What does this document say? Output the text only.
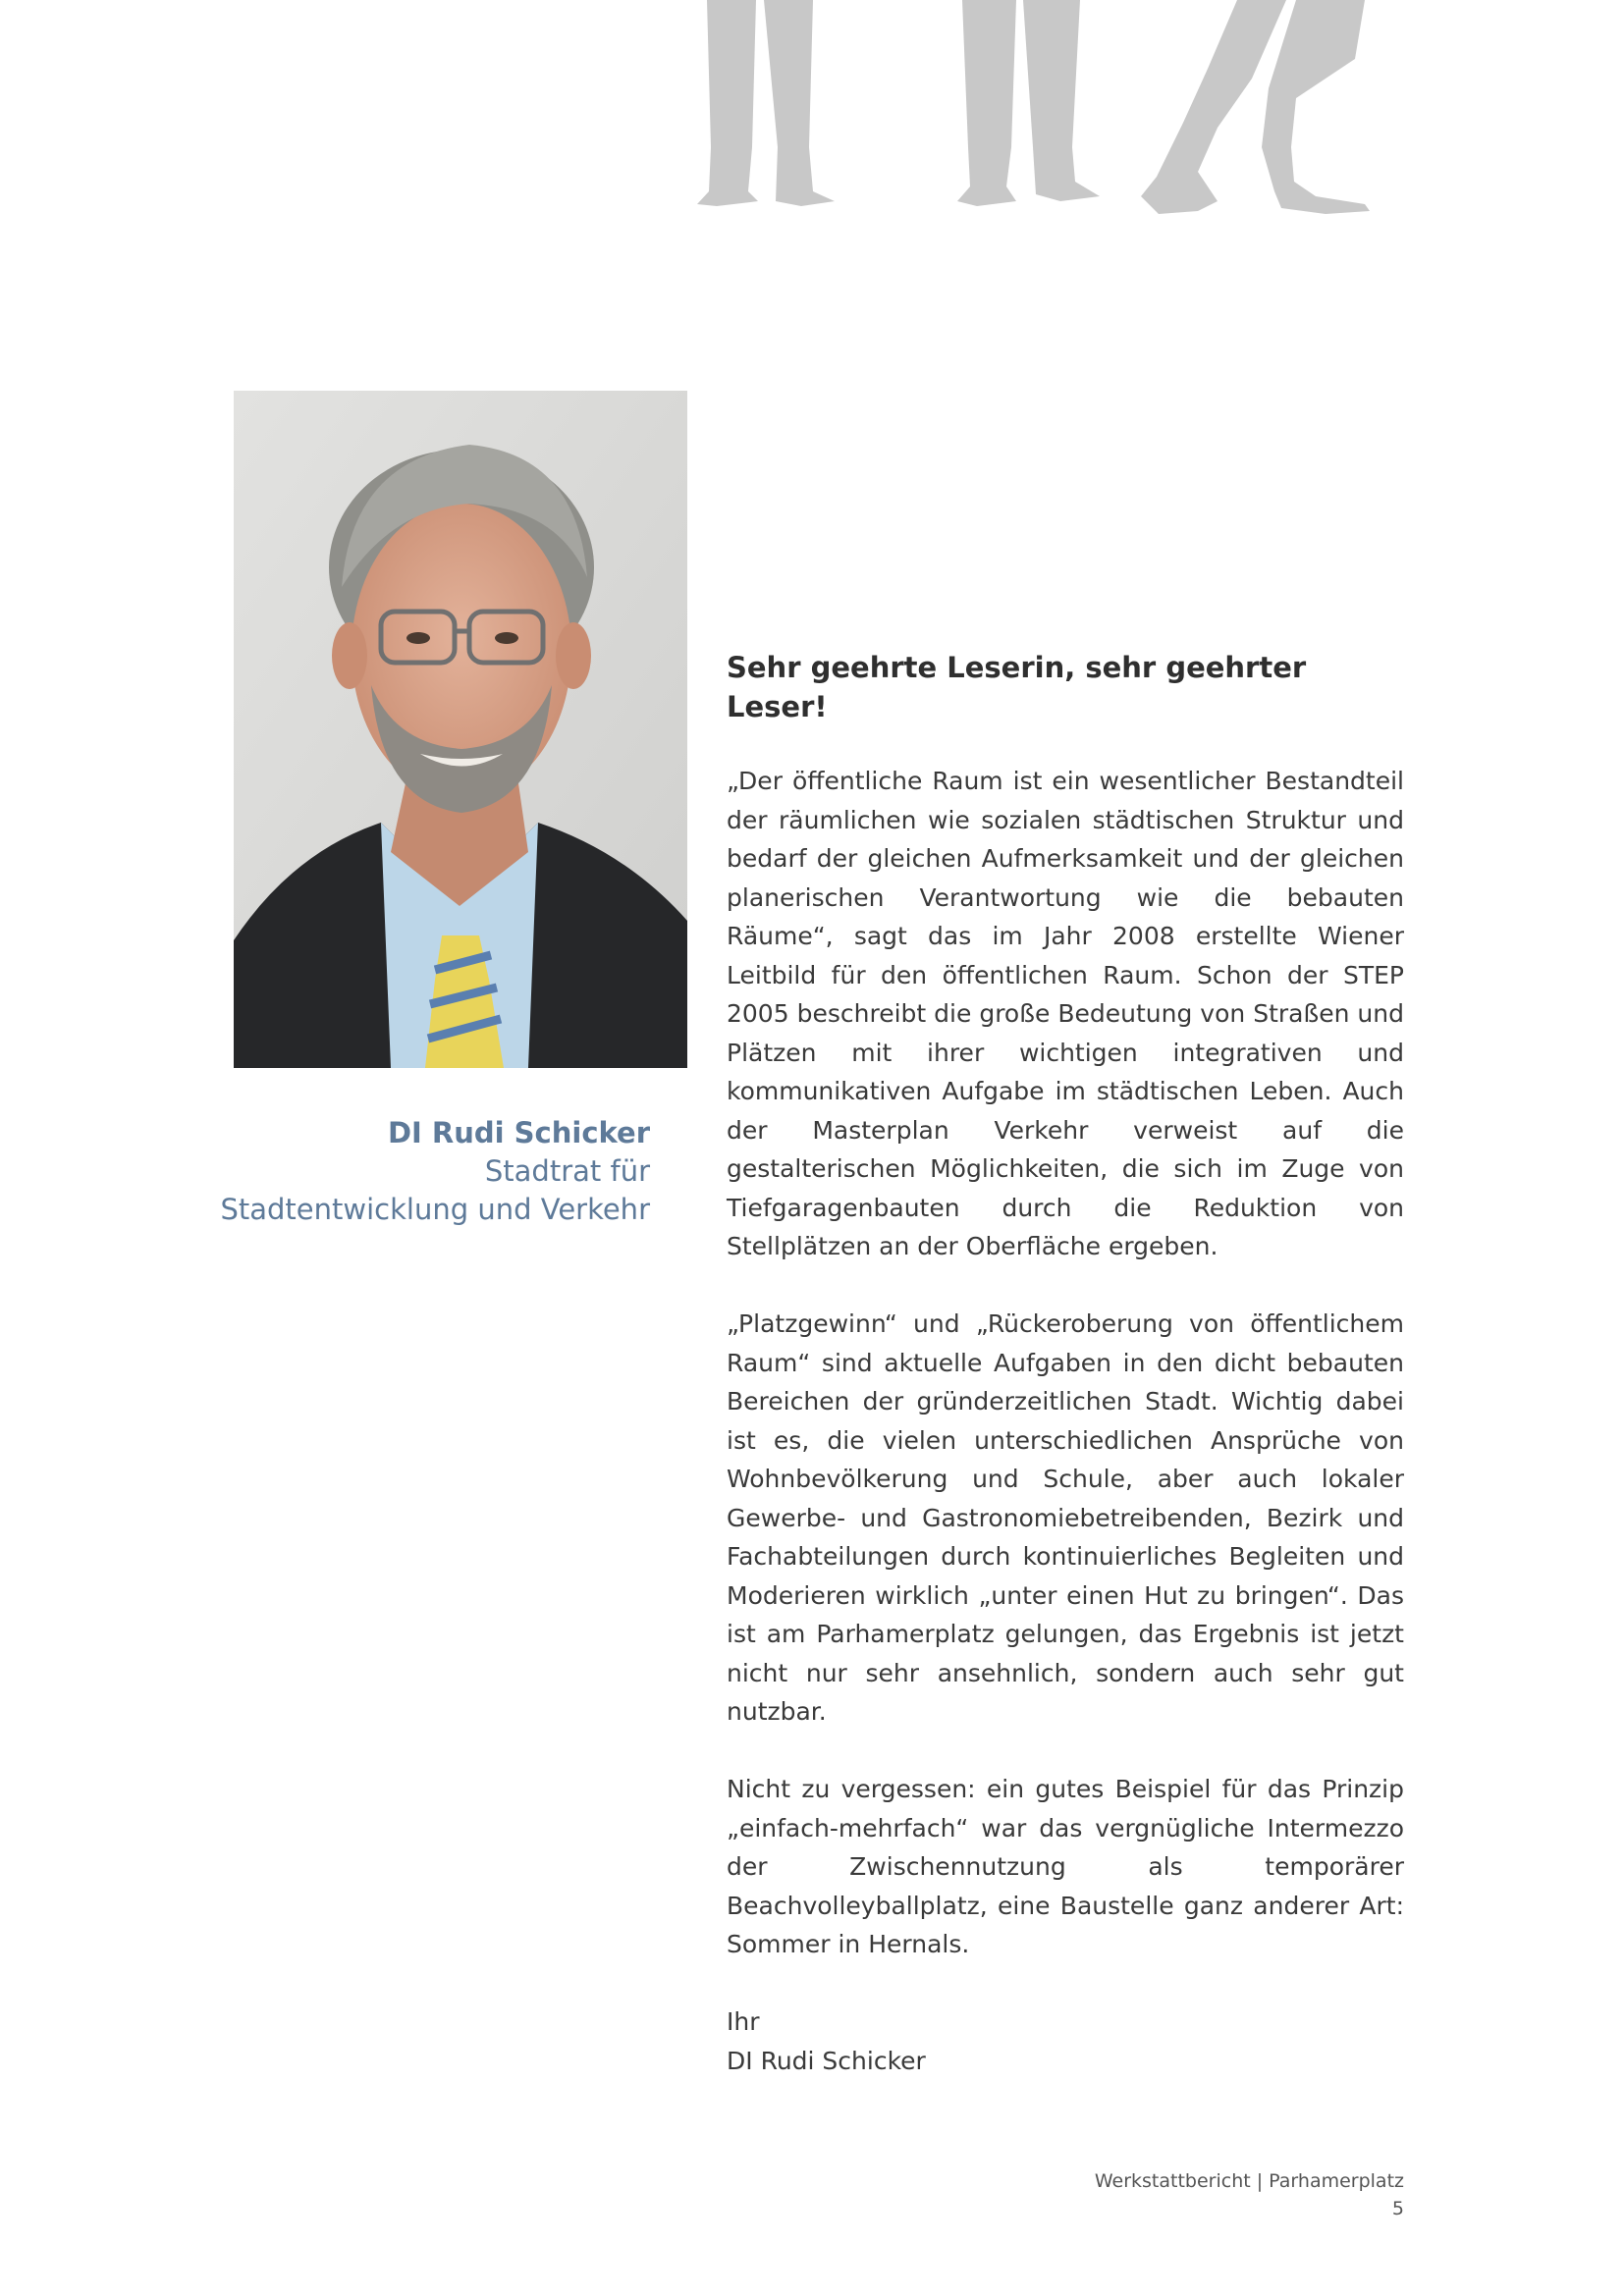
DI Rudi Schicker
Stadtrat für
Stadtentwicklung und Verkehr
Sehr geehrte Leserin, sehr geehrter Leser!

„Der öffentliche Raum ist ein wesentlicher Bestandteil der räumlichen wie sozialen städtischen Struktur und bedarf der gleichen Aufmerksamkeit und der gleichen planerischen Verantwortung wie die bebauten Räume“, sagt das im Jahr 2008 erstellte Wiener Leitbild für den öffentlichen Raum. Schon der STEP 2005 beschreibt die große Bedeutung von Straßen und Plätzen mit ihrer wichtigen integrativen und kommunikativen Aufgabe im städtischen Leben. Auch der Masterplan Verkehr verweist auf die gestalterischen Möglichkeiten, die sich im Zuge von Tiefgaragenbauten durch die Reduktion von Stellplätzen an der Oberfläche ergeben.

„Platzgewinn“ und „Rückeroberung von öffentlichem Raum“ sind aktuelle Aufgaben in den dicht bebauten Bereichen der gründerzeitlichen Stadt. Wichtig dabei ist es, die vielen unterschiedlichen Ansprüche von Wohnbevölkerung und Schule, aber auch lokaler Gewerbe- und Gastronomiebetreibenden, Bezirk und Fachabteilungen durch kontinuierliches Begleiten und Moderieren wirklich „unter einen Hut zu bringen“. Das ist am Parhamerplatz gelungen, das Ergebnis ist jetzt nicht nur sehr ansehnlich, sondern auch sehr gut nutzbar.

Nicht zu vergessen: ein gutes Beispiel für das Prinzip „einfach-mehrfach“ war das vergnügliche Intermezzo der Zwischennutzung als temporärer Beachvolleyballplatz, eine Baustelle ganz anderer Art: Sommer in Hernals.

Ihr

DI Rudi Schicker

Werkstattbericht | Parhamerplatz
5
